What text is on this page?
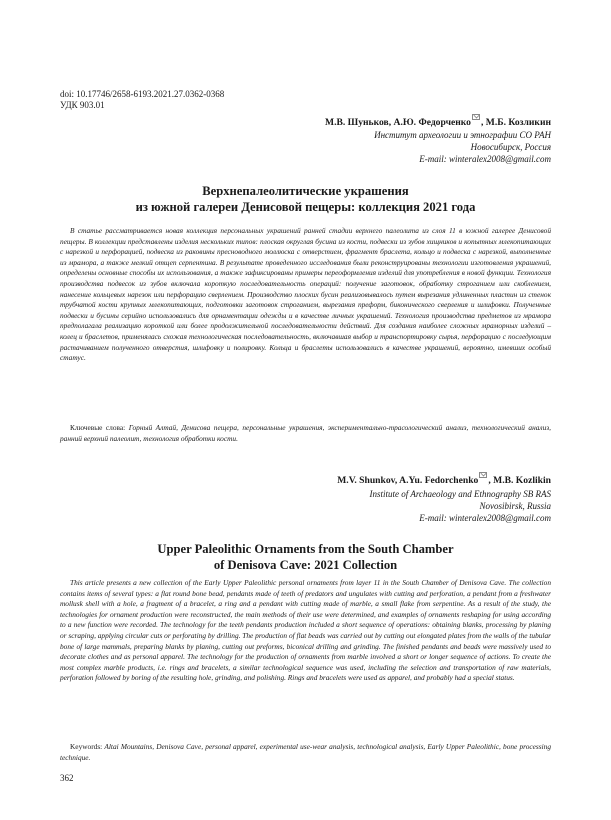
doi: 10.17746/2658-6193.2021.27.0362-0368
УДК 903.01
М.В. Шуньков, А.Ю. Федорченко , М.Б. Козликин
Институт археологии и этнографии СО РАН
Новосибирск, Россия
E-mail: winteralex2008@gmail.com
Верхнепалеолитические украшения
из южной галереи Денисовой пещеры: коллекция 2021 года
В статье рассматривается новая коллекция персональных украшений ранней стадии верхнего палеолита из слоя 11 в южной галерее Денисовой пещеры. В коллекции представлены изделия нескольких типов: плоская округлая бусина из кости, подвески из зубов хищников и копытных млекопитающих с нарезкой и перфорацией, подвеска из раковины пресноводного моллюска с отверстием, фрагмент браслета, кольцо и подвеска с нарезкой, выполненные из мрамора, а также мелкий отщеп серпентина. В результате проведенного исследования были реконструированы технологии изготовления украшений, определены основные способы их использования, а также зафиксированы примеры переоформления изделий для употребления в новой функции. Технология производства подвесок из зубов включала короткую последовательность операций: получение заготовок, обработку строганием или скоблением, нанесение кольцевых нарезок или перфорацию сверлением. Производство плоских бусин реализовывалось путем вырезания удлиненных пластин из стенок трубчатой кости крупных млекопитающих, подготовки заготовок строганием, вырезания преформ, биконического сверления и шлифовки. Полученные подвески и бусины серийно использовались для орнаментации одежды и в качестве личных украшений. Технология производства предметов из мрамора предполагала реализацию короткой или более продолжительной последовательности действий. Для создания наиболее сложных мраморных изделий – колец и браслетов, применялась схожая технологическая последовательность, включавшая выбор и транспортировку сырья, перфорацию с последующим растачиванием полученного отверстия, шлифовку и полировку. Кольца и браслеты использовались в качестве украшений, вероятно, имевших особый статус.
Ключевые слова: Горный Алтай, Денисова пещера, персональные украшения, экспериментально-трасологический анализ, технологический анализ, ранний верхний палеолит, технология обработки кости.
M.V. Shunkov, A.Yu. Fedorchenko , M.B. Kozlikin
Institute of Archaeology and Ethnography SB RAS
Novosibirsk, Russia
E-mail: winteralex2008@gmail.com
Upper Paleolithic Ornaments from the South Chamber
of Denisova Cave: 2021 Collection
This article presents a new collection of the Early Upper Paleolithic personal ornaments from layer 11 in the South Chamber of Denisova Cave. The collection contains items of several types: a flat round bone bead, pendants made of teeth of predators and ungulates with cutting and perforation, a pendant from a freshwater mollusk shell with a hole, a fragment of a bracelet, a ring and a pendant with cutting made of marble, a small flake from serpentine. As a result of the study, the technologies for ornament production were reconstructed, the main methods of their use were determined, and examples of ornaments reshaping for using according to a new function were recorded. The technology for the teeth pendants production included a short sequence of operations: obtaining blanks, processing by planing or scraping, applying circular cuts or perforating by drilling. The production of flat beads was carried out by cutting out elongated plates from the walls of the tubular bone of large mammals, preparing blanks by planing, cutting out preforms, biconical drilling and grinding. The finished pendants and beads were massively used to decorate clothes and as personal apparel. The technology for the production of ornaments from marble involved a short or longer sequence of actions. To create the most complex marble products, i.e. rings and bracelets, a similar technological sequence was used, including the selection and transportation of raw materials, perforation followed by boring of the resulting hole, grinding, and polishing. Rings and bracelets were used as apparel, and probably had a special status.
Keywords: Altai Mountains, Denisova Cave, personal apparel, experimental use-wear analysis, technological analysis, Early Upper Paleolithic, bone processing technique.
362
